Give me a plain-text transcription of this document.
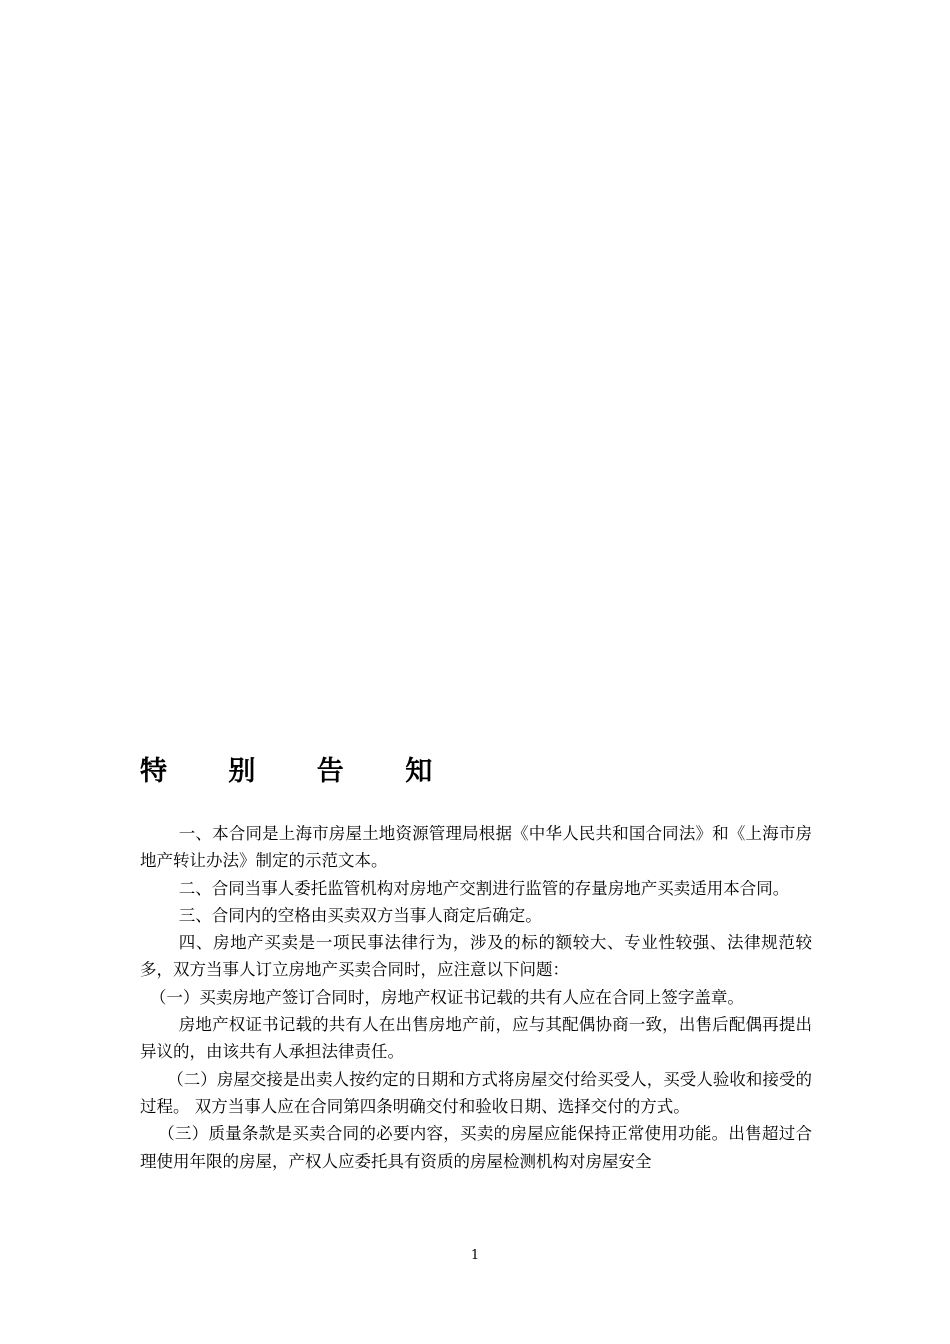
特 别 告 知

一、本合同是上海市房屋土地资源管理局根据《中华人民共和国合同法》和《上海市房地产转让办法》制定的示范文本。

二、合同当事人委托监管机构对房地产交割进行监管的存量房地产买卖适用本合同。

三、合同内的空格由买卖双方当事人商定后确定。

四、房地产买卖是一项民事法律行为，涉及的标的额较大、专业性较强、法律规范较多，双方当事人订立房地产买卖合同时，应注意以下问题：

（一）买卖房地产签订合同时，房地产权证书记载的共有人应在合同上签字盖章。

房地产权证书记载的共有人在出售房地产前，应与其配偶协商一致，出售后配偶再提出异议的，由该共有人承担法律责任。

（二）房屋交接是出卖人按约定的日期和方式将房屋交付给买受人，买受人验收和接受的过程。 双方当事人应在合同第四条明确交付和验收日期、选择交付的方式。

（三）质量条款是买卖合同的必要内容，买卖的房屋应能保持正常使用功能。出售超过合理使用年限的房屋，产权人应委托具有资质的房屋检测机构对房屋安全

1
